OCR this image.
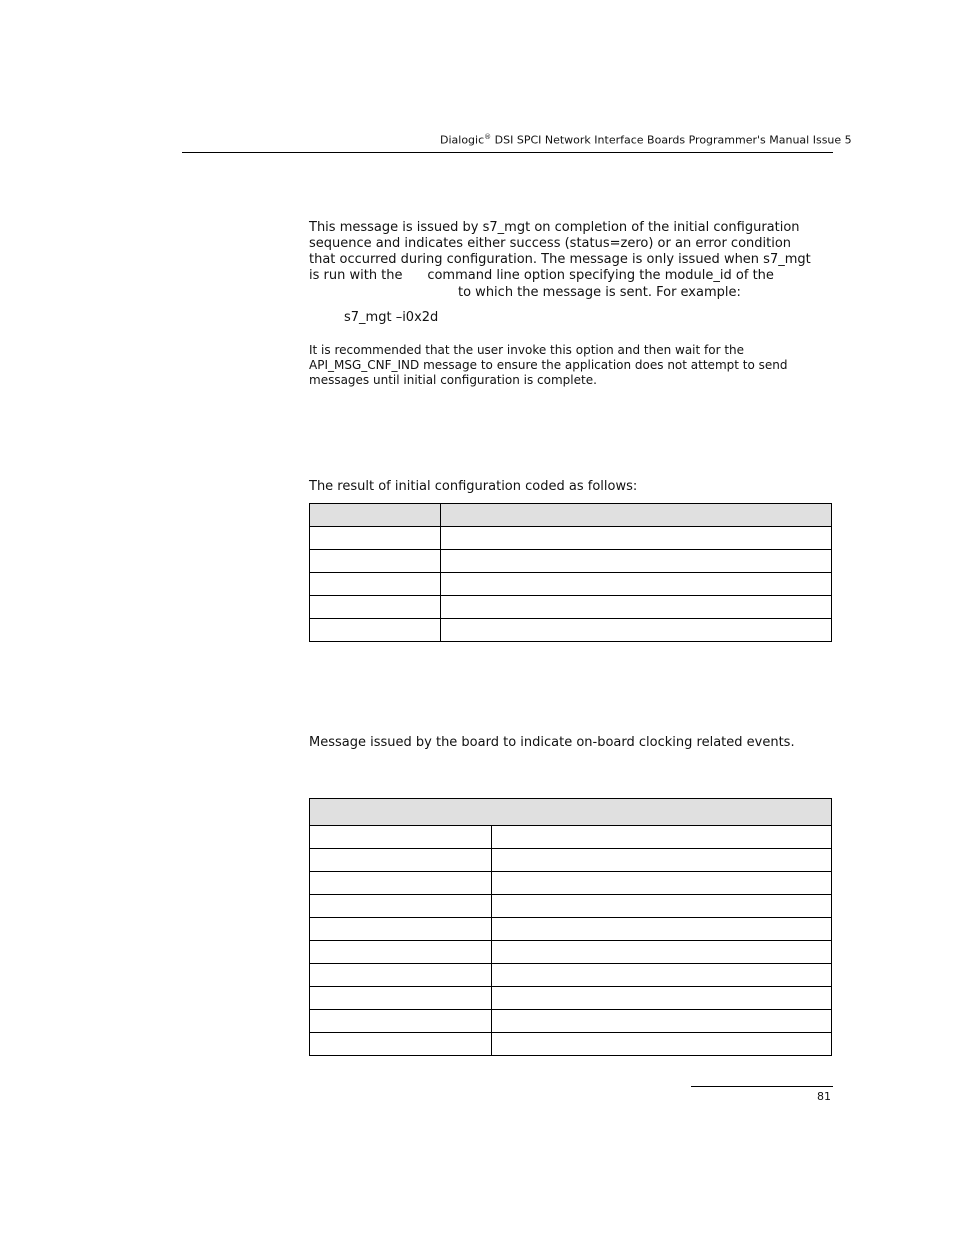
Dialogic® DSI SPCI Network Interface Boards Programmer's Manual Issue 5
This message is issued by s7_mgt on completion of the initial configuration
sequence and indicates either success (status=zero) or an error condition
that occurred during configuration. The message is only issued when s7_mgt
is run with the      command line option specifying the module_id of the
to which the message is sent. For example:
s7_mgt –i0x2d
It is recommended that the user invoke this option and then wait for the
API_MSG_CNF_IND message to ensure the application does not attempt to send
messages until initial configuration is complete.
The result of initial configuration coded as follows:

Message issued by the board to indicate on-board clocking related events.

81
